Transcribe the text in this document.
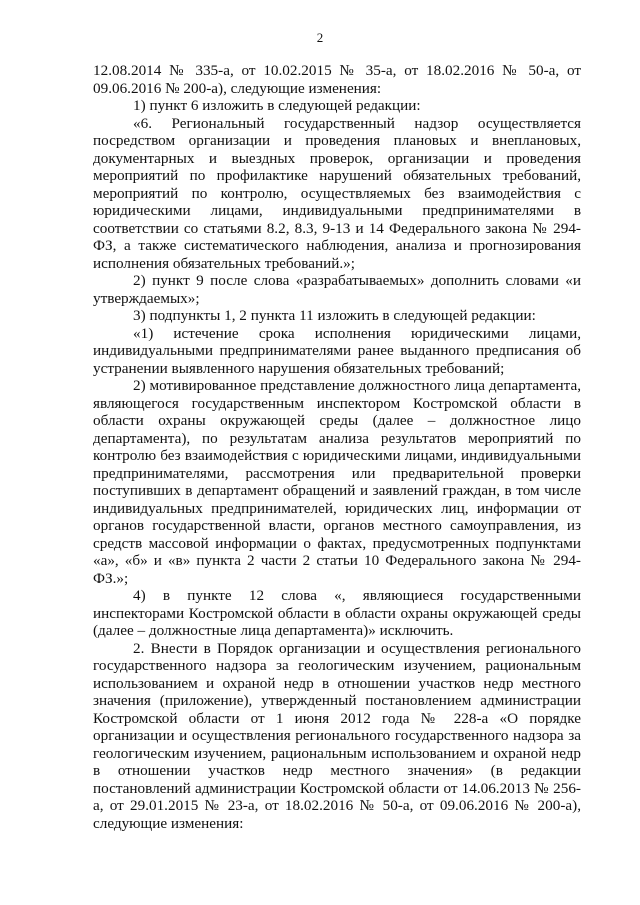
2

12.08.2014 № 335-а, от 10.02.2015 № 35-а, от 18.02.2016 № 50-а, от 09.06.2016 № 200-а), следующие изменения:

1) пункт 6 изложить в следующей редакции:

«6. Региональный государственный надзор осуществляется посредством организации и проведения плановых и внеплановых, документарных и выездных проверок, организации и проведения мероприятий по профилактике нарушений обязательных требований, мероприятий по контролю, осуществляемых без взаимодействия с юридическими лицами, индивидуальными предпринимателями в соответствии со статьями 8.2, 8.3, 9-13 и 14 Федерального закона № 294-ФЗ, а также систематического наблюдения, анализа и прогнозирования исполнения обязательных требований.»;

2) пункт 9 после слова «разрабатываемых» дополнить словами «и утверждаемых»;

3) подпункты 1, 2 пункта 11 изложить в следующей редакции:

«1) истечение срока исполнения юридическими лицами, индивидуальными предпринимателями ранее выданного предписания об устранении выявленного нарушения обязательных требований;

2) мотивированное представление должностного лица департамента, являющегося государственным инспектором Костромской области в области охраны окружающей среды (далее – должностное лицо департамента), по результатам анализа результатов мероприятий по контролю без взаимодействия с юридическими лицами, индивидуальными предпринимателями, рассмотрения или предварительной проверки поступивших в департамент обращений и заявлений граждан, в том числе индивидуальных предпринимателей, юридических лиц, информации от органов государственной власти, органов местного самоуправления, из средств массовой информации о фактах, предусмотренных подпунктами «а», «б» и «в» пункта 2 части 2 статьи 10 Федерального закона № 294-ФЗ.»;

4) в пункте 12 слова «, являющиеся государственными инспекторами Костромской области в области охраны окружающей среды (далее – должностные лица департамента)» исключить.

2. Внести в Порядок организации и осуществления регионального государственного надзора за геологическим изучением, рациональным использованием и охраной недр в отношении участков недр местного значения (приложение), утвержденный постановлением администрации Костромской области от 1 июня 2012 года № 228-а «О порядке организации и осуществления регионального государственного надзора за геологическим изучением, рациональным использованием и охраной недр в отношении участков недр местного значения» (в редакции постановлений администрации Костромской области от 14.06.2013 № 256-а, от 29.01.2015 № 23-а, от 18.02.2016 № 50-а, от 09.06.2016 № 200-а), следующие изменения:
